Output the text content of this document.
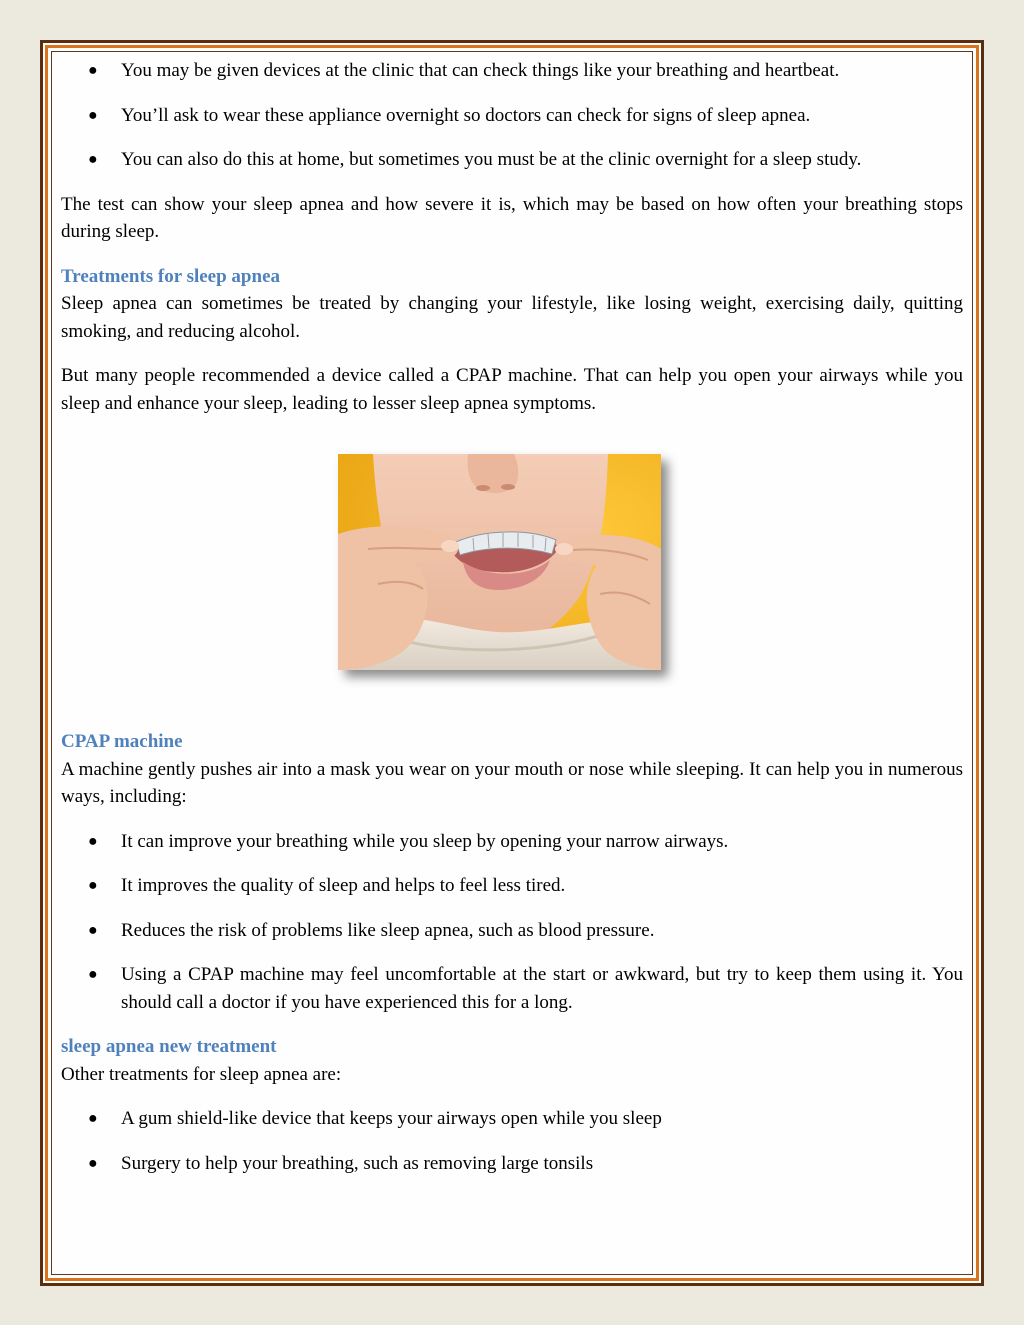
● You may be given devices at the clinic that can check things like your breathing and heartbeat.
● You’ll ask to wear these appliance overnight so doctors can check for signs of sleep apnea.
● You can also do this at home, but sometimes you must be at the clinic overnight for a sleep study.

The test can show your sleep apnea and how severe it is, which may be based on how often your breathing stops during sleep.

Treatments for sleep apnea

Sleep apnea can sometimes be treated by changing your lifestyle, like losing weight, exercising daily, quitting smoking, and reducing alcohol.

But many people recommended a device called a CPAP machine. That can help you open your airways while you sleep and enhance your sleep, leading to lesser sleep apnea symptoms.

CPAP machine

A machine gently pushes air into a mask you wear on your mouth or nose while sleeping. It can help you in numerous ways, including:

● It can improve your breathing while you sleep by opening your narrow airways.
● It improves the quality of sleep and helps to feel less tired.
● Reduces the risk of problems like sleep apnea, such as blood pressure.
● Using a CPAP machine may feel uncomfortable at the start or awkward, but try to keep them using it. You should call a doctor if you have experienced this for a long.
sleep apnea new treatment

Other treatments for sleep apnea are:

● A gum shield-like device that keeps your airways open while you sleep
● Surgery to help your breathing, such as removing large tonsils
